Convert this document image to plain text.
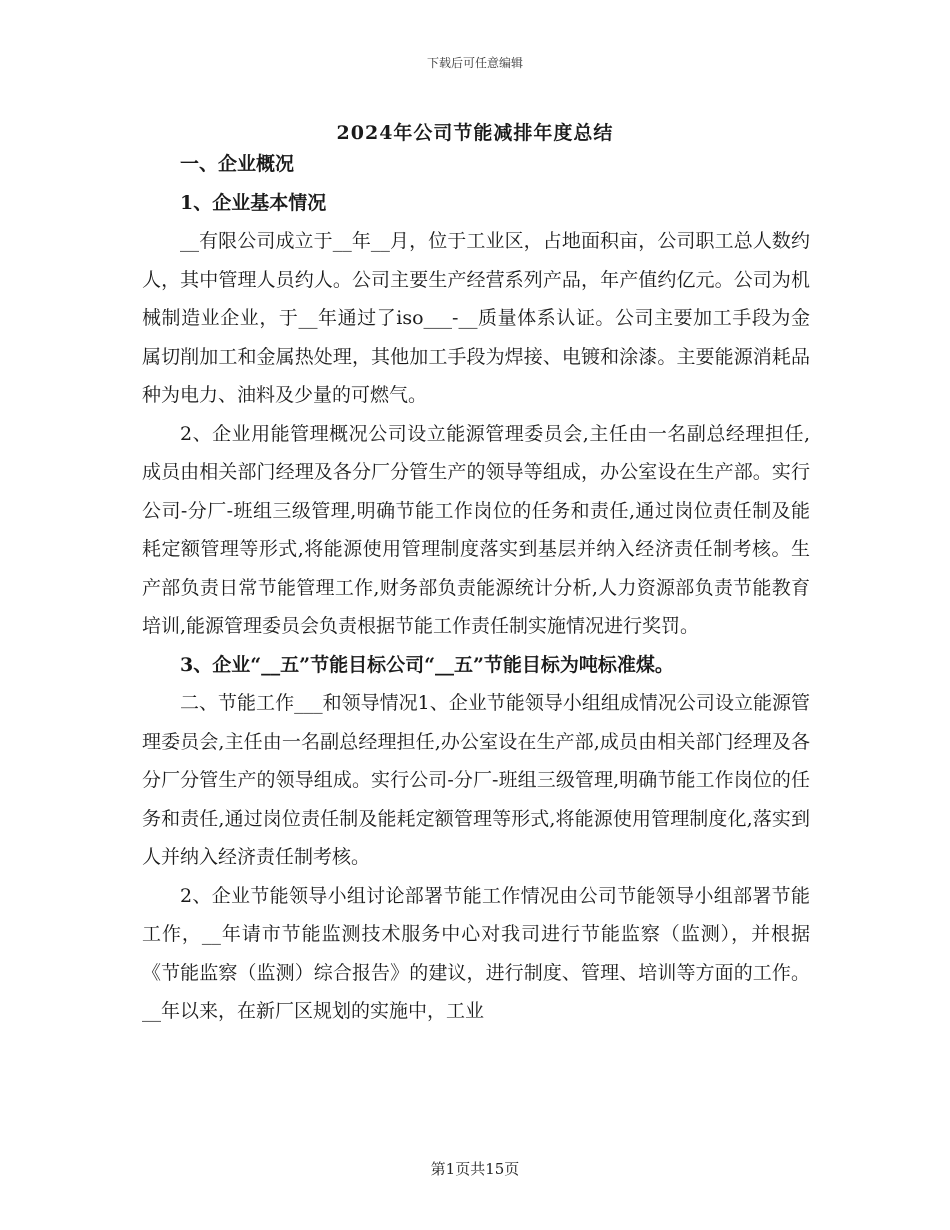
下载后可任意编辑
2024年公司节能减排年度总结

一、企业概况

1、企业基本情况

__有限公司成立于__年__月，位于工业区，占地面积亩，公司职工总人数约人，其中管理人员约人。公司主要生产经营系列产品，年产值约亿元。公司为机械制造业企业，于__年通过了iso___-__质量体系认证。公司主要加工手段为金属切削加工和金属热处理，其他加工手段为焊接、电镀和涂漆。主要能源消耗品种为电力、油料及少量的可燃气。

2、企业用能管理概况公司设立能源管理委员会,主任由一名副总经理担任,成员由相关部门经理及各分厂分管生产的领导等组成，办公室设在生产部。实行公司-分厂-班组三级管理,明确节能工作岗位的任务和责任,通过岗位责任制及能耗定额管理等形式,将能源使用管理制度落实到基层并纳入经济责任制考核。生产部负责日常节能管理工作,财务部负责能源统计分析,人力资源部负责节能教育培训,能源管理委员会负责根据节能工作责任制实施情况进行奖罚。

3、企业“__五”节能目标公司“__五”节能目标为吨标准煤。

二、节能工作___和领导情况1、企业节能领导小组组成情况公司设立能源管理委员会,主任由一名副总经理担任,办公室设在生产部,成员由相关部门经理及各分厂分管生产的领导组成。实行公司-分厂-班组三级管理,明确节能工作岗位的任务和责任,通过岗位责任制及能耗定额管理等形式,将能源使用管理制度化,落实到人并纳入经济责任制考核。

2、企业节能领导小组讨论部署节能工作情况由公司节能领导小组部署节能工作，__年请市节能监测技术服务中心对我司进行节能监察（监测），并根据《节能监察（监测）综合报告》的建议，进行制度、管理、培训等方面的工作。__年以来，在新厂区规划的实施中，工业

第1页共15页
